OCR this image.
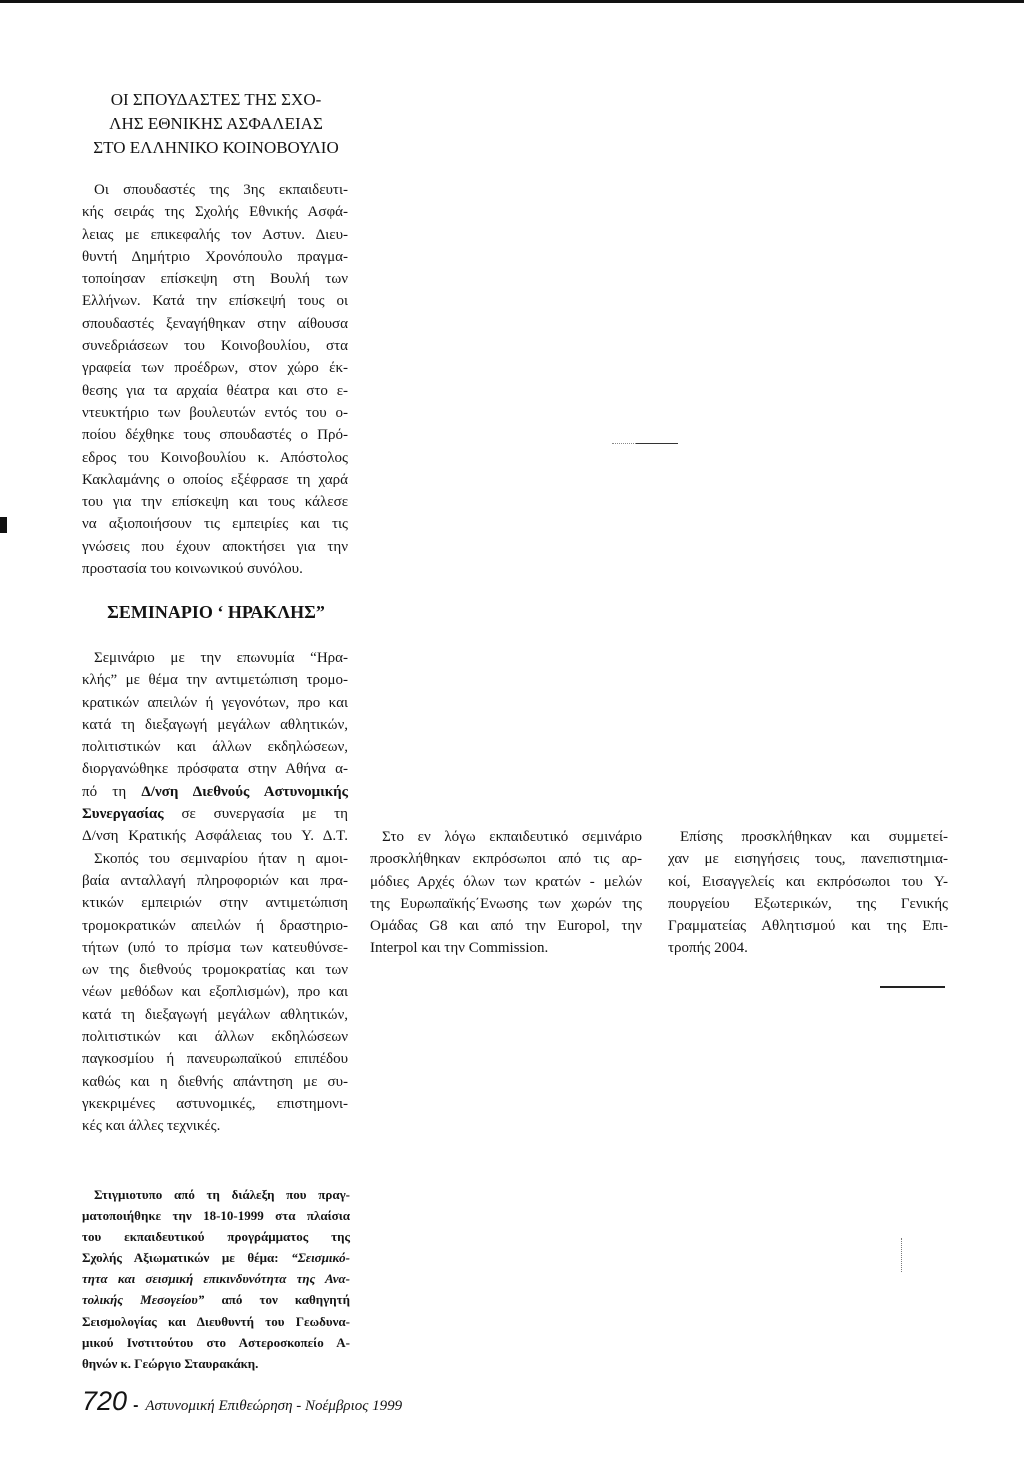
ΟΙ ΣΠΟΥΔΑΣΤΕΣ ΤΗΣ ΣΧΟ-
ΛΗΣ ΕΘΝΙΚΗΣ ΑΣΦΑΛΕΙΑΣ
ΣΤΟ ΕΛΛΗΝΙΚΟ ΚΟΙΝΟΒΟΥΛΙΟ
Οι σπουδαστές της 3ης εκπαιδευτι-
κής σειράς της Σχολής Εθνικής Ασφά-
λειας με επικεφαλής τον Αστυν. Διευ-
θυντή Δημήτριο Χρονόπουλο πραγμα-
τοποίησαν επίσκεψη στη Βουλή των
Ελλήνων. Κατά την επίσκεψή τους οι
σπουδαστές ξεναγήθηκαν στην αίθουσα
συνεδριάσεων του Κοινοβουλίου, στα
γραφεία των προέδρων, στον χώρο έκ-
θεσης για τα αρχαία θέατρα και στο ε-
ντευκτήριο των βουλευτών εντός του ο-
ποίου δέχθηκε τους σπουδαστές ο Πρό-
εδρος του Κοινοβουλίου κ. Απόστολος
Κακλαμάνης ο οποίος εξέφρασε τη χαρά
του για την επίσκεψη και τους κάλεσε
να αξιοποιήσουν τις εμπειρίες και τις
γνώσεις που έχουν αποκτήσει για την
προστασία του κοινωνικού συνόλου.
ΣΕΜΙΝΑΡΙΟ ‘ ΗΡΑΚΛΗΣ”
Σεμινάριο με την επωνυμία “Ηρα-
κλής” με θέμα την αντιμετώπιση τρομο-
κρατικών απειλών ή γεγονότων, προ και
κατά τη διεξαγωγή μεγάλων αθλητικών,
πολιτιστικών και άλλων εκδηλώσεων,
διοργανώθηκε πρόσφατα στην Αθήνα α-
πό τη Δ/νση Διεθνούς Αστυνομικής
Συνεργασίας σε συνεργασία με τη
Δ/νση Κρατικής Ασφάλειας του Υ. Δ.Τ.
Σκοπός του σεμιναρίου ήταν η αμοι-
βαία ανταλλαγή πληροφοριών και πρα-
κτικών εμπειριών στην αντιμετώπιση
τρομοκρατικών απειλών ή δραστηριο-
τήτων (υπό το πρίσμα των κατευθύνσε-
ων της διεθνούς τρομοκρατίας και των
νέων μεθόδων και εξοπλισμών), προ και
κατά τη διεξαγωγή μεγάλων αθλητικών,
πολιτιστικών και άλλων εκδηλώσεων
παγκοσμίου ή πανευρωπαϊκού επιπέδου
καθώς και η διεθνής απάντηση με συ-
γκεκριμένες αστυνομικές, επιστημονι-
κές και άλλες τεχνικές.
Στο εν λόγω εκπαιδευτικό σεμινάριο
προσκλήθηκαν εκπρόσωποι από τις αρ-
μόδιες Αρχές όλων των κρατών - μελών
της Ευρωπαϊκής΄Ενωσης των χωρών της
Ομάδας G8 και από την Europol, την
Interpol και την Commission.
Επίσης προσκλήθηκαν και συμμετεί-
χαν με εισηγήσεις τους, πανεπιστημια-
κοί, Εισαγγελείς και εκπρόσωποι του Υ-
πουργείου Εξωτερικών, της Γενικής
Γραμματείας Αθλητισμού και της Επι-
τροπής 2004.
Στιγμιοτυπο από τη διάλεξη που πραγ-
ματοποιήθηκε την 18-10-1999 στα πλαίσια
του εκπαιδευτικού προγράμματος της
Σχολής Αξιωματικών με θέμα: “Σεισμικό-
τητα και σεισμική επικινδυνότητα της Ανα-
τολικής Μεσογείου” από τον καθηγητή
Σεισμολογίας και Διευθυντή του Γεωδυνα-
μικού Ινστιτούτου στο Αστεροσκοπείο Α-
θηνών κ. Γεώργιο Σταυρακάκη.
720 - Αστυνομική Επιθεώρηση - Νοέμβριος 1999
